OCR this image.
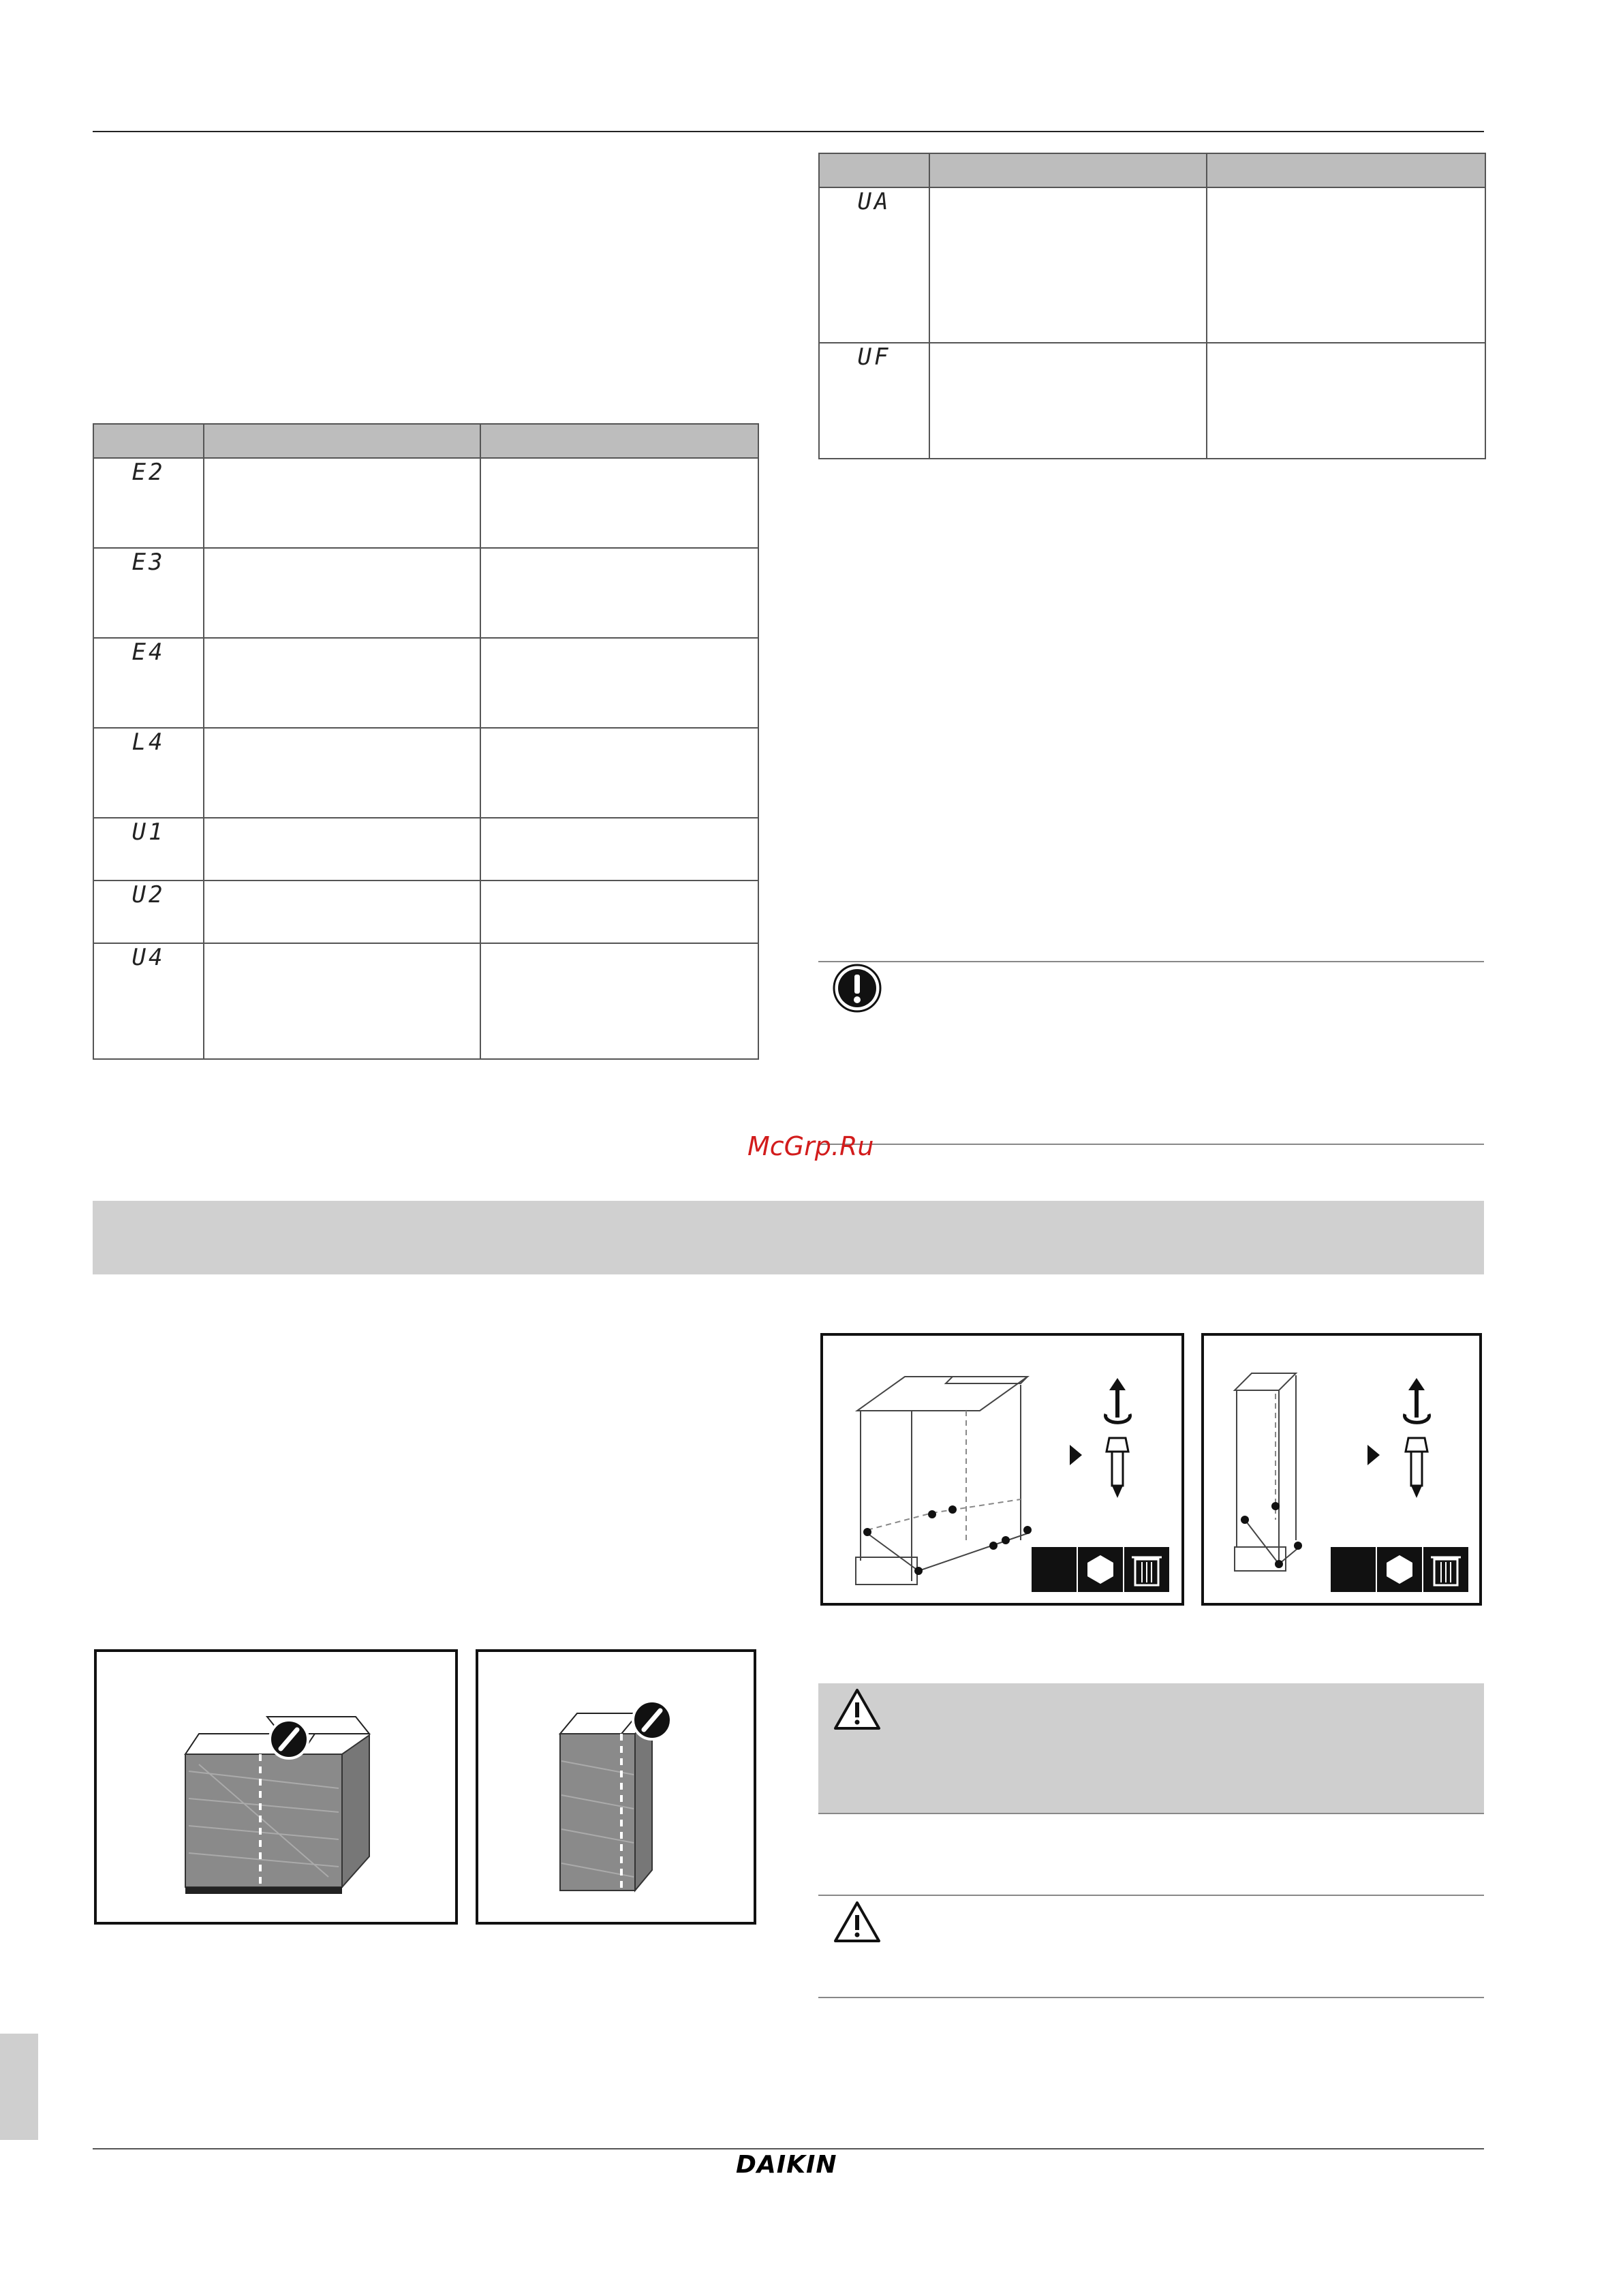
E2		
E3		
E4		
L4		
U1		
U2		
U4		

UA		
UF		
McGrp.Ru
DAIKIN
